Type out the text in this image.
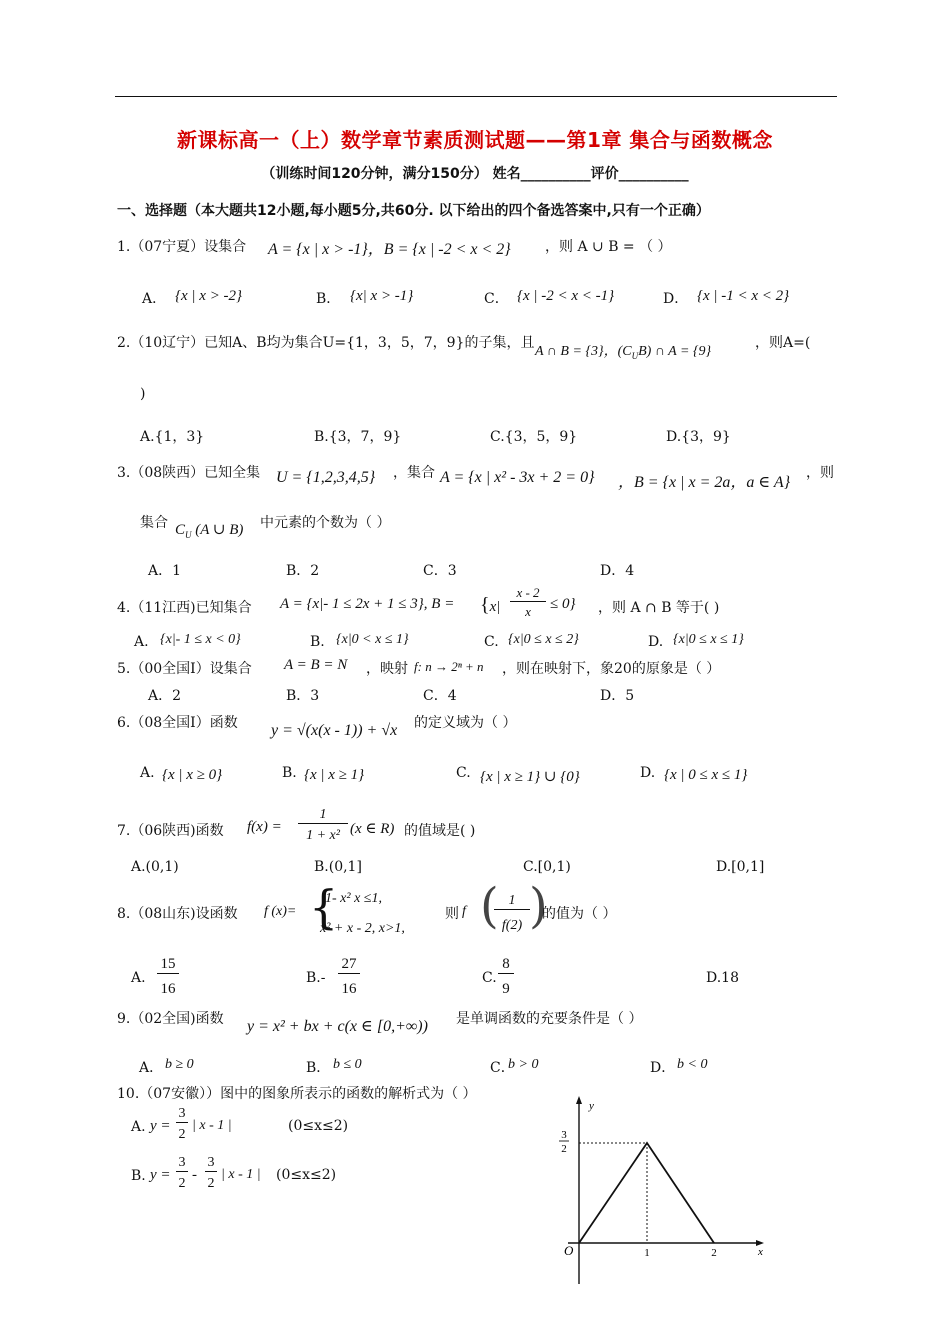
新课标高一（上）数学章节素质测试题——第1章 集合与函数概念
（训练时间120分钟，满分150分） 姓名__________评价__________
一、选择题（本大题共12小题,每小题5分,共60分. 以下给出的四个备选答案中,只有一个正确）
1.（07宁夏）设集合 A = {x | x > -1}，B = {x | -2 < x < 2} ，则 A ∪ B = （ ）
A． {x | x > -2}	B． {x| x > -1}	C． {x | -2 < x < -1}	D． {x | -1 < x < 2}
2.（10辽宁）已知A、B均为集合U={1，3，5，7，9}的子集，且
A ∩ B = {3}，$(C_UB)$ ∩ A = {9}
，则A=(
)
A.{1，3}	B.{3，7，9}	C.{3，5，9}	D.{3，9}
3.（08陕西）已知全集 U = {1,2,3,4,5} ，集合 A = {x | x² - 3x + 2 = 0} ，B = {x | x = 2a，a ∈ A}
，则
集合 $C_U$ (A ∪ B) 中元素的个数为（ ）
A．1	B．2	C．3	D．4
4.（11江西)已知集合 A = {x|- 1 ≤ 2x + 1 ≤ 3}, B = {x|
x - 2
x	≤ 0} ，则 A ∩ B 等于( )
A. {x|- 1 ≤ x < 0}	B. {x|0 < x ≤ 1}	C. {x|0 ≤ x ≤ 2}	D. {x|0 ≤ x ≤ 1}
5.（00全国Ⅰ）设集合 A = B = N ，映射 f: n → 2ⁿ + n ，则在映射下，象20的原象是（ ）
A．2	B．3	C．4	D．5
6.（08全国Ⅰ）函数 y = √(x(x - 1)) + √x 的定义域为（ ）
A. {x | x ≥ 0}	B. {x | x ≥ 1}	C. {x | x ≥ 1} ∪ {0}	D. {x | 0 ≤ x ≤ 1}
7.（06陕西)函数 f(x) =
1
1 + x² (x ∈ R) 的值域是( )
A.(0,1)	B.(0,1]	C.[0,1)	D.[0,1]
8.（08山东)设函数 f (x)= {
1- x² x ≤1,
x² + x - 2, x>1,
则 f ( 1
f(2) )
的值为（ ）
A.
15
16
B.-
27
16
C.
8
9
D.18
9.（02全国)函数 y = x² + bx + c(x ∈ [0,+∞)) 是单调函数的充要条件是（ ）
A． b ≥ 0	B． b ≤ 0	C．
b > 0	D． b < 0
10.（07安徽））图中的图象所表示的函数的解析式为（ ）
A. y =
3
2
| x - 1 |	(0≤x≤2)
B. y =
3
2
-
3
2
| x - 1 | (0≤x≤2)
y
x
O
3
2
1	2
